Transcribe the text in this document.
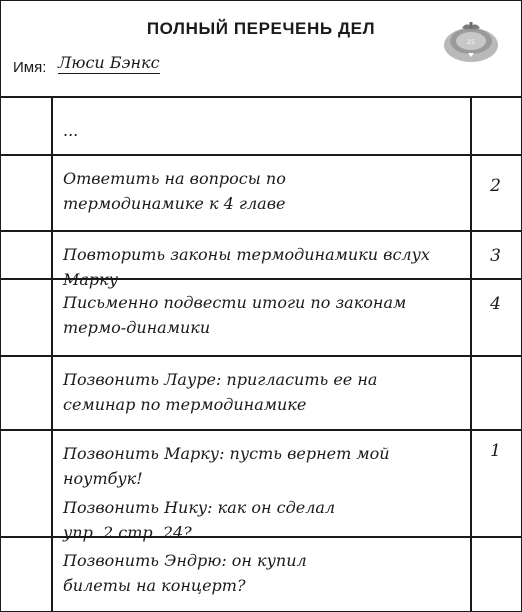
ПОЛНЫЙ ПЕРЕЧЕНЬ ДЕЛ
Имя: Люси Бэнкс
25

...

Ответить на вопросы по термодинамике к 4 главе

2

Повторить законы термодинамики вслух Марку

3

Письменно подвести итоги по законам термо-динамики

4

Позвонить Лауре: пригласить ее на семинар по термодинамике

Позвонить Марку: пусть вернет мой ноутбук!

Позвонить Нику: как он сделал упр. 2 стр. 24?

1

Позвонить Эндрю: он купил билеты на концерт?
